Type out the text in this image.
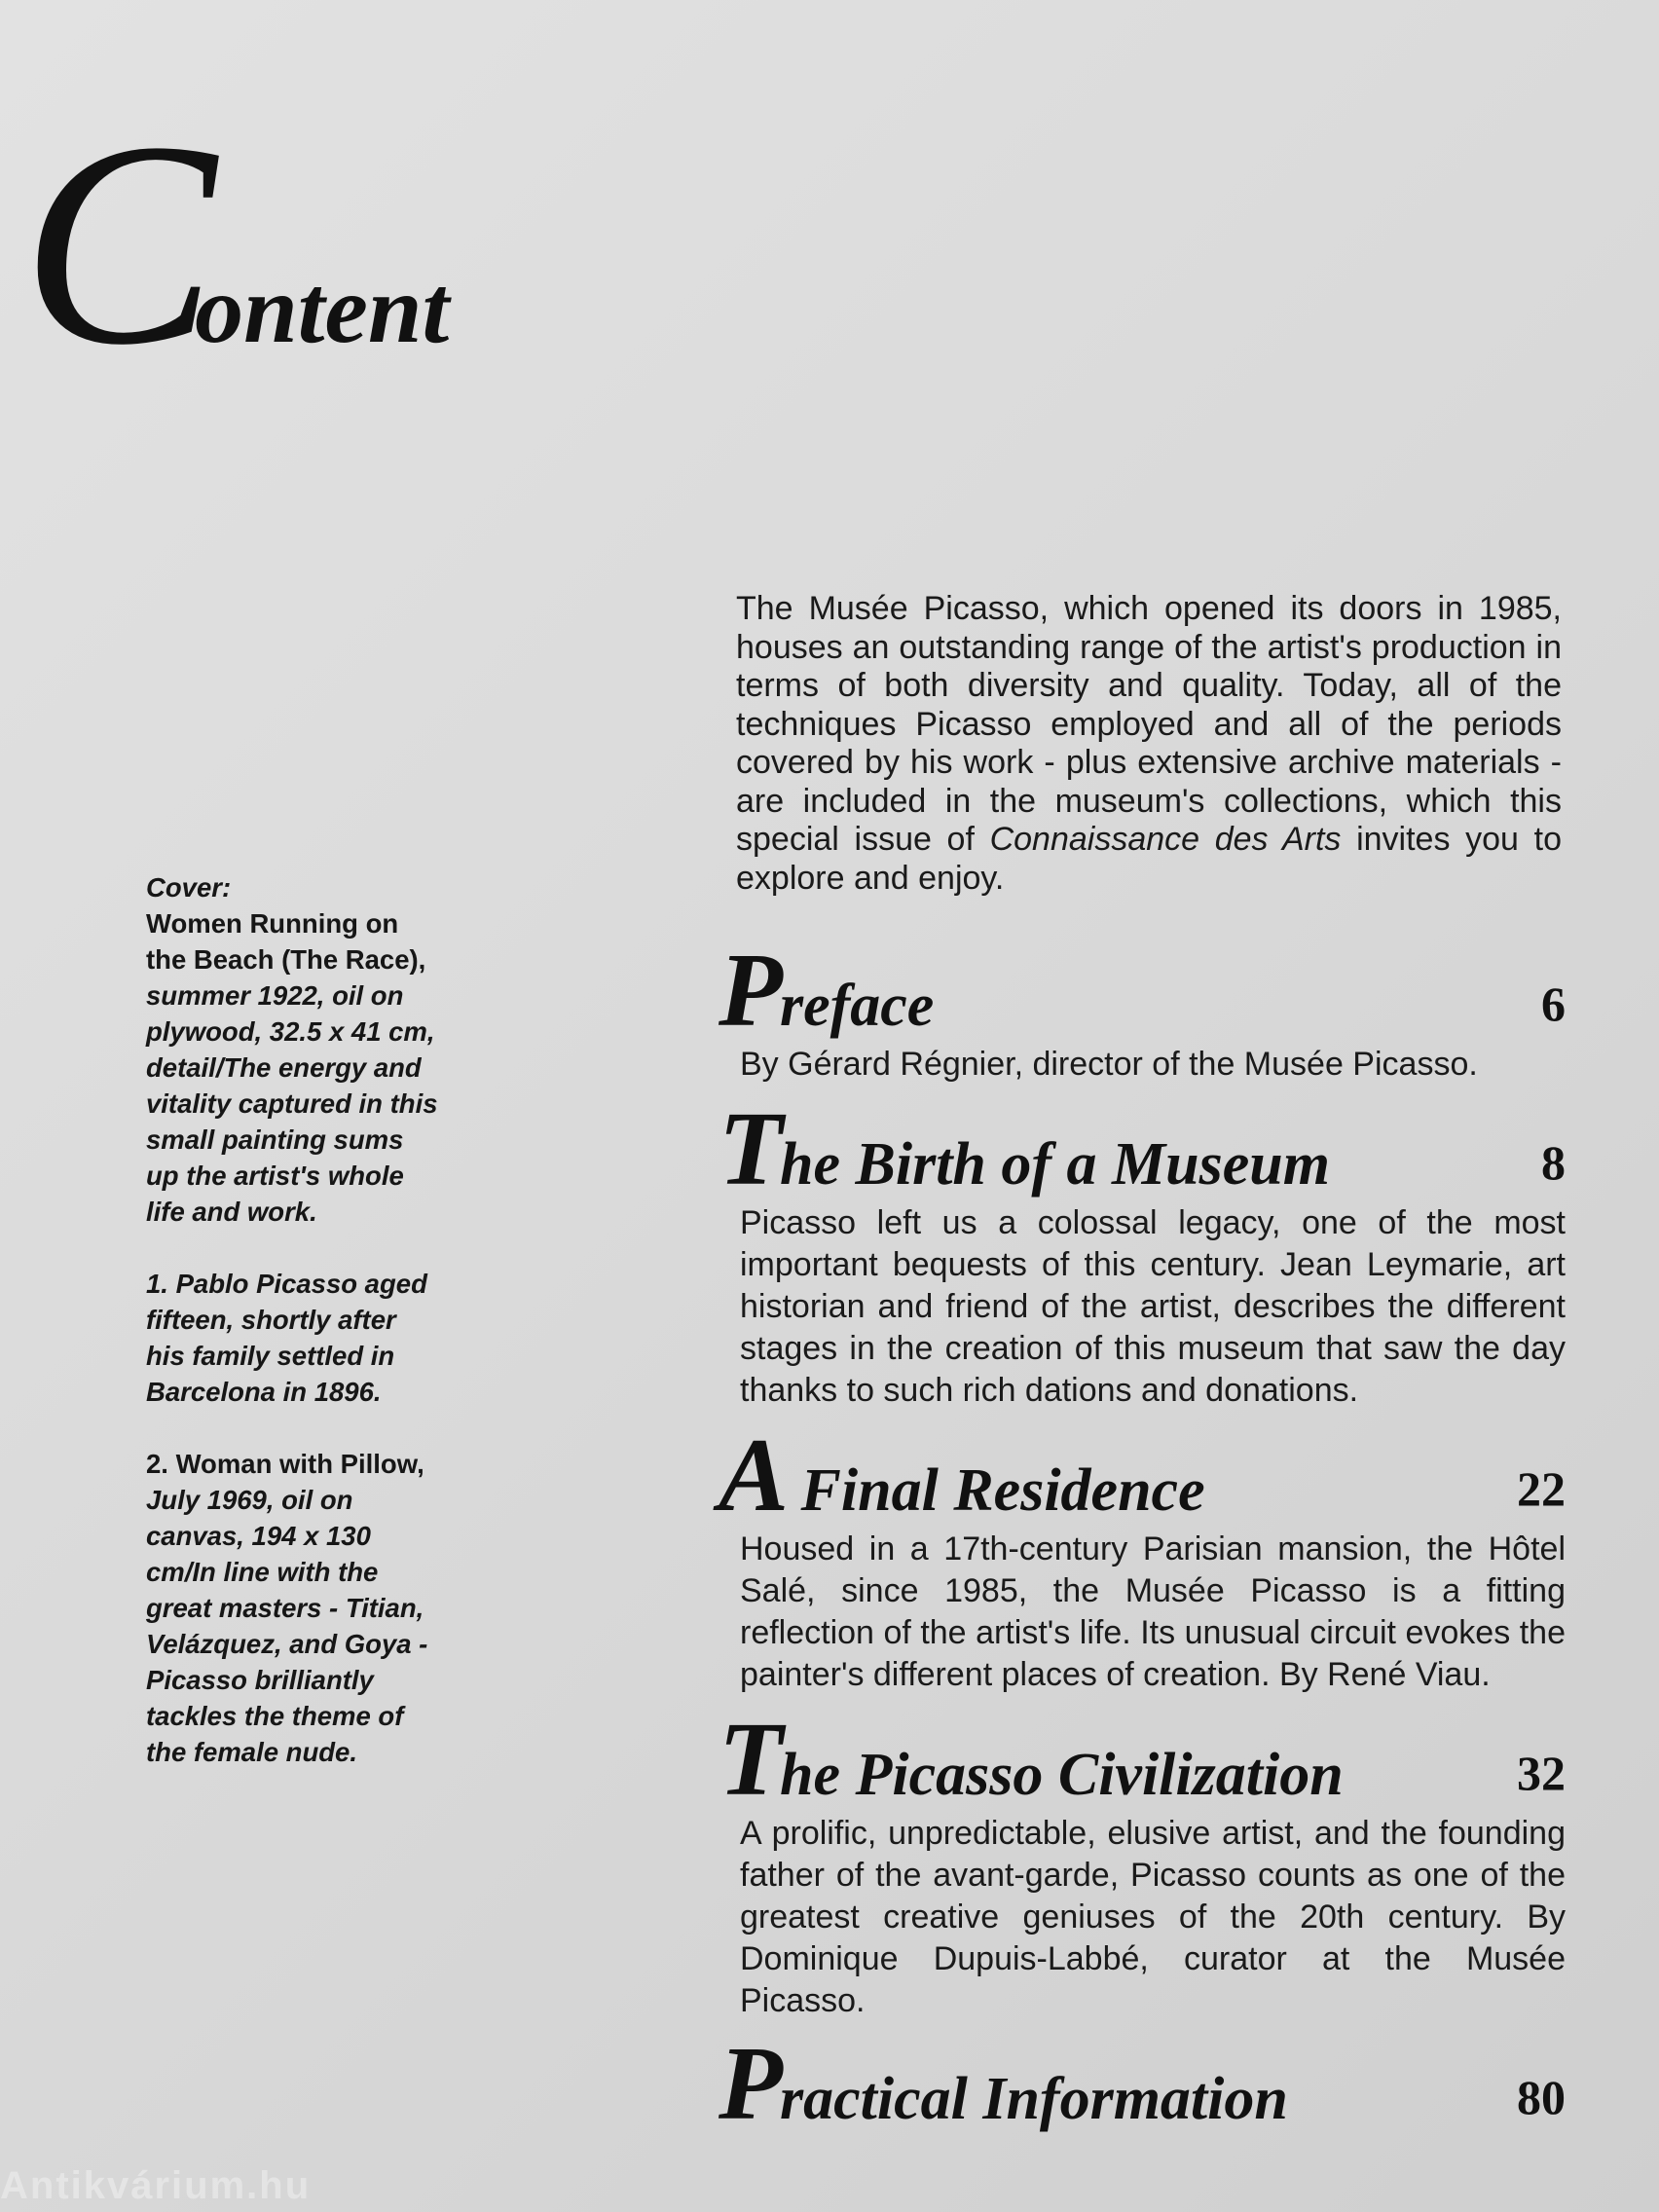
Content
The Musée Picasso, which opened its doors in 1985, houses an outstanding range of the artist's production in terms of both diversity and quality. Today, all of the techniques Picasso employed and all of the periods covered by his work - plus extensive archive materials - are included in the museum's collections, which this special issue of Connaissance des Arts invites you to explore and enjoy.

Cover:
Women Running on the Beach (The Race), summer 1922, oil on plywood, 32.5 x 41 cm, detail/The energy and vitality captured in this small painting sums up the artist's whole life and work.

1. Pablo Picasso aged fifteen, shortly after his family settled in Barcelona in 1896.

2. Woman with Pillow, July 1969, oil on canvas, 194 x 130 cm/In line with the great masters - Titian, Velázquez, and Goya - Picasso brilliantly tackles the theme of the female nude.

Preface	6
By Gérard Régnier, director of the Musée Picasso.
The Birth of a Museum	8
Picasso left us a colossal legacy, one of the most important bequests of this century. Jean Leymarie, art historian and friend of the artist, describes the different stages in the creation of this museum that saw the day thanks to such rich dations and donations.
A Final Residence	22
Housed in a 17th-century Parisian mansion, the Hôtel Salé, since 1985, the Musée Picasso is a fitting reflection of the artist's life. Its unusual circuit evokes the painter's different places of creation. By René Viau.
The Picasso Civilization	32
A prolific, unpredictable, elusive artist, and the founding father of the avant-garde, Picasso counts as one of the greatest creative geniuses of the 20th century. By Dominique Dupuis-Labbé, curator at the Musée Picasso.
Practical Information	80
Antikvárium.hu
